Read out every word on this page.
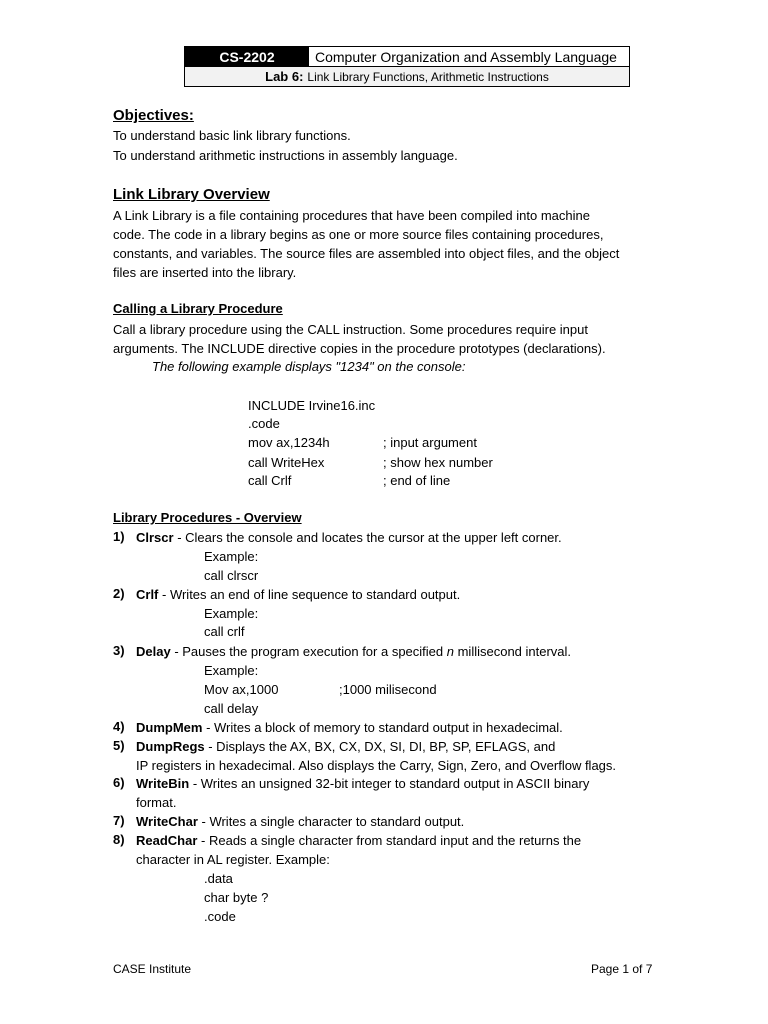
CS-2202	Computer Organization and Assembly Language
Lab 6: Link Library Functions, Arithmetic Instructions
Objectives:
To understand basic link library functions.
To understand arithmetic instructions in assembly language.
Link Library Overview
A Link Library is a file containing procedures that have been compiled into machine
code. The code in a library begins as one or more source files containing procedures,
constants, and variables. The source files are assembled into object files, and the object
files are inserted into the library.
Calling a Library Procedure
Call a library procedure using the CALL instruction. Some procedures require input
arguments. The INCLUDE directive copies in the procedure prototypes (declarations).
The following example displays "1234" on the console:
INCLUDE Irvine16.inc
.code
mov ax,1234h	; input argument
call WriteHex	; show hex number
call Crlf	; end of line
Library Procedures - Overview
1) Clrscr - Clears the console and locates the cursor at the upper left corner.
Example:
call clrscr
2) Crlf - Writes an end of line sequence to standard output.
Example:
call crlf
3) Delay - Pauses the program execution for a specified n millisecond interval.
Example:
Mov ax,1000	;1000 milisecond
call delay
4) DumpMem - Writes a block of memory to standard output in hexadecimal.
5) DumpRegs - Displays the AX, BX, CX, DX, SI, DI, BP, SP, EFLAGS, and
IP registers in hexadecimal. Also displays the Carry, Sign, Zero, and Overflow flags.
6) WriteBin - Writes an unsigned 32-bit integer to standard output in ASCII binary
format.
7) WriteChar - Writes a single character to standard output.
8) ReadChar - Reads a single character from standard input and the returns the
character in AL register. Example:
.data
char byte ?
.code
CASE Institute	Page 1 of 7
